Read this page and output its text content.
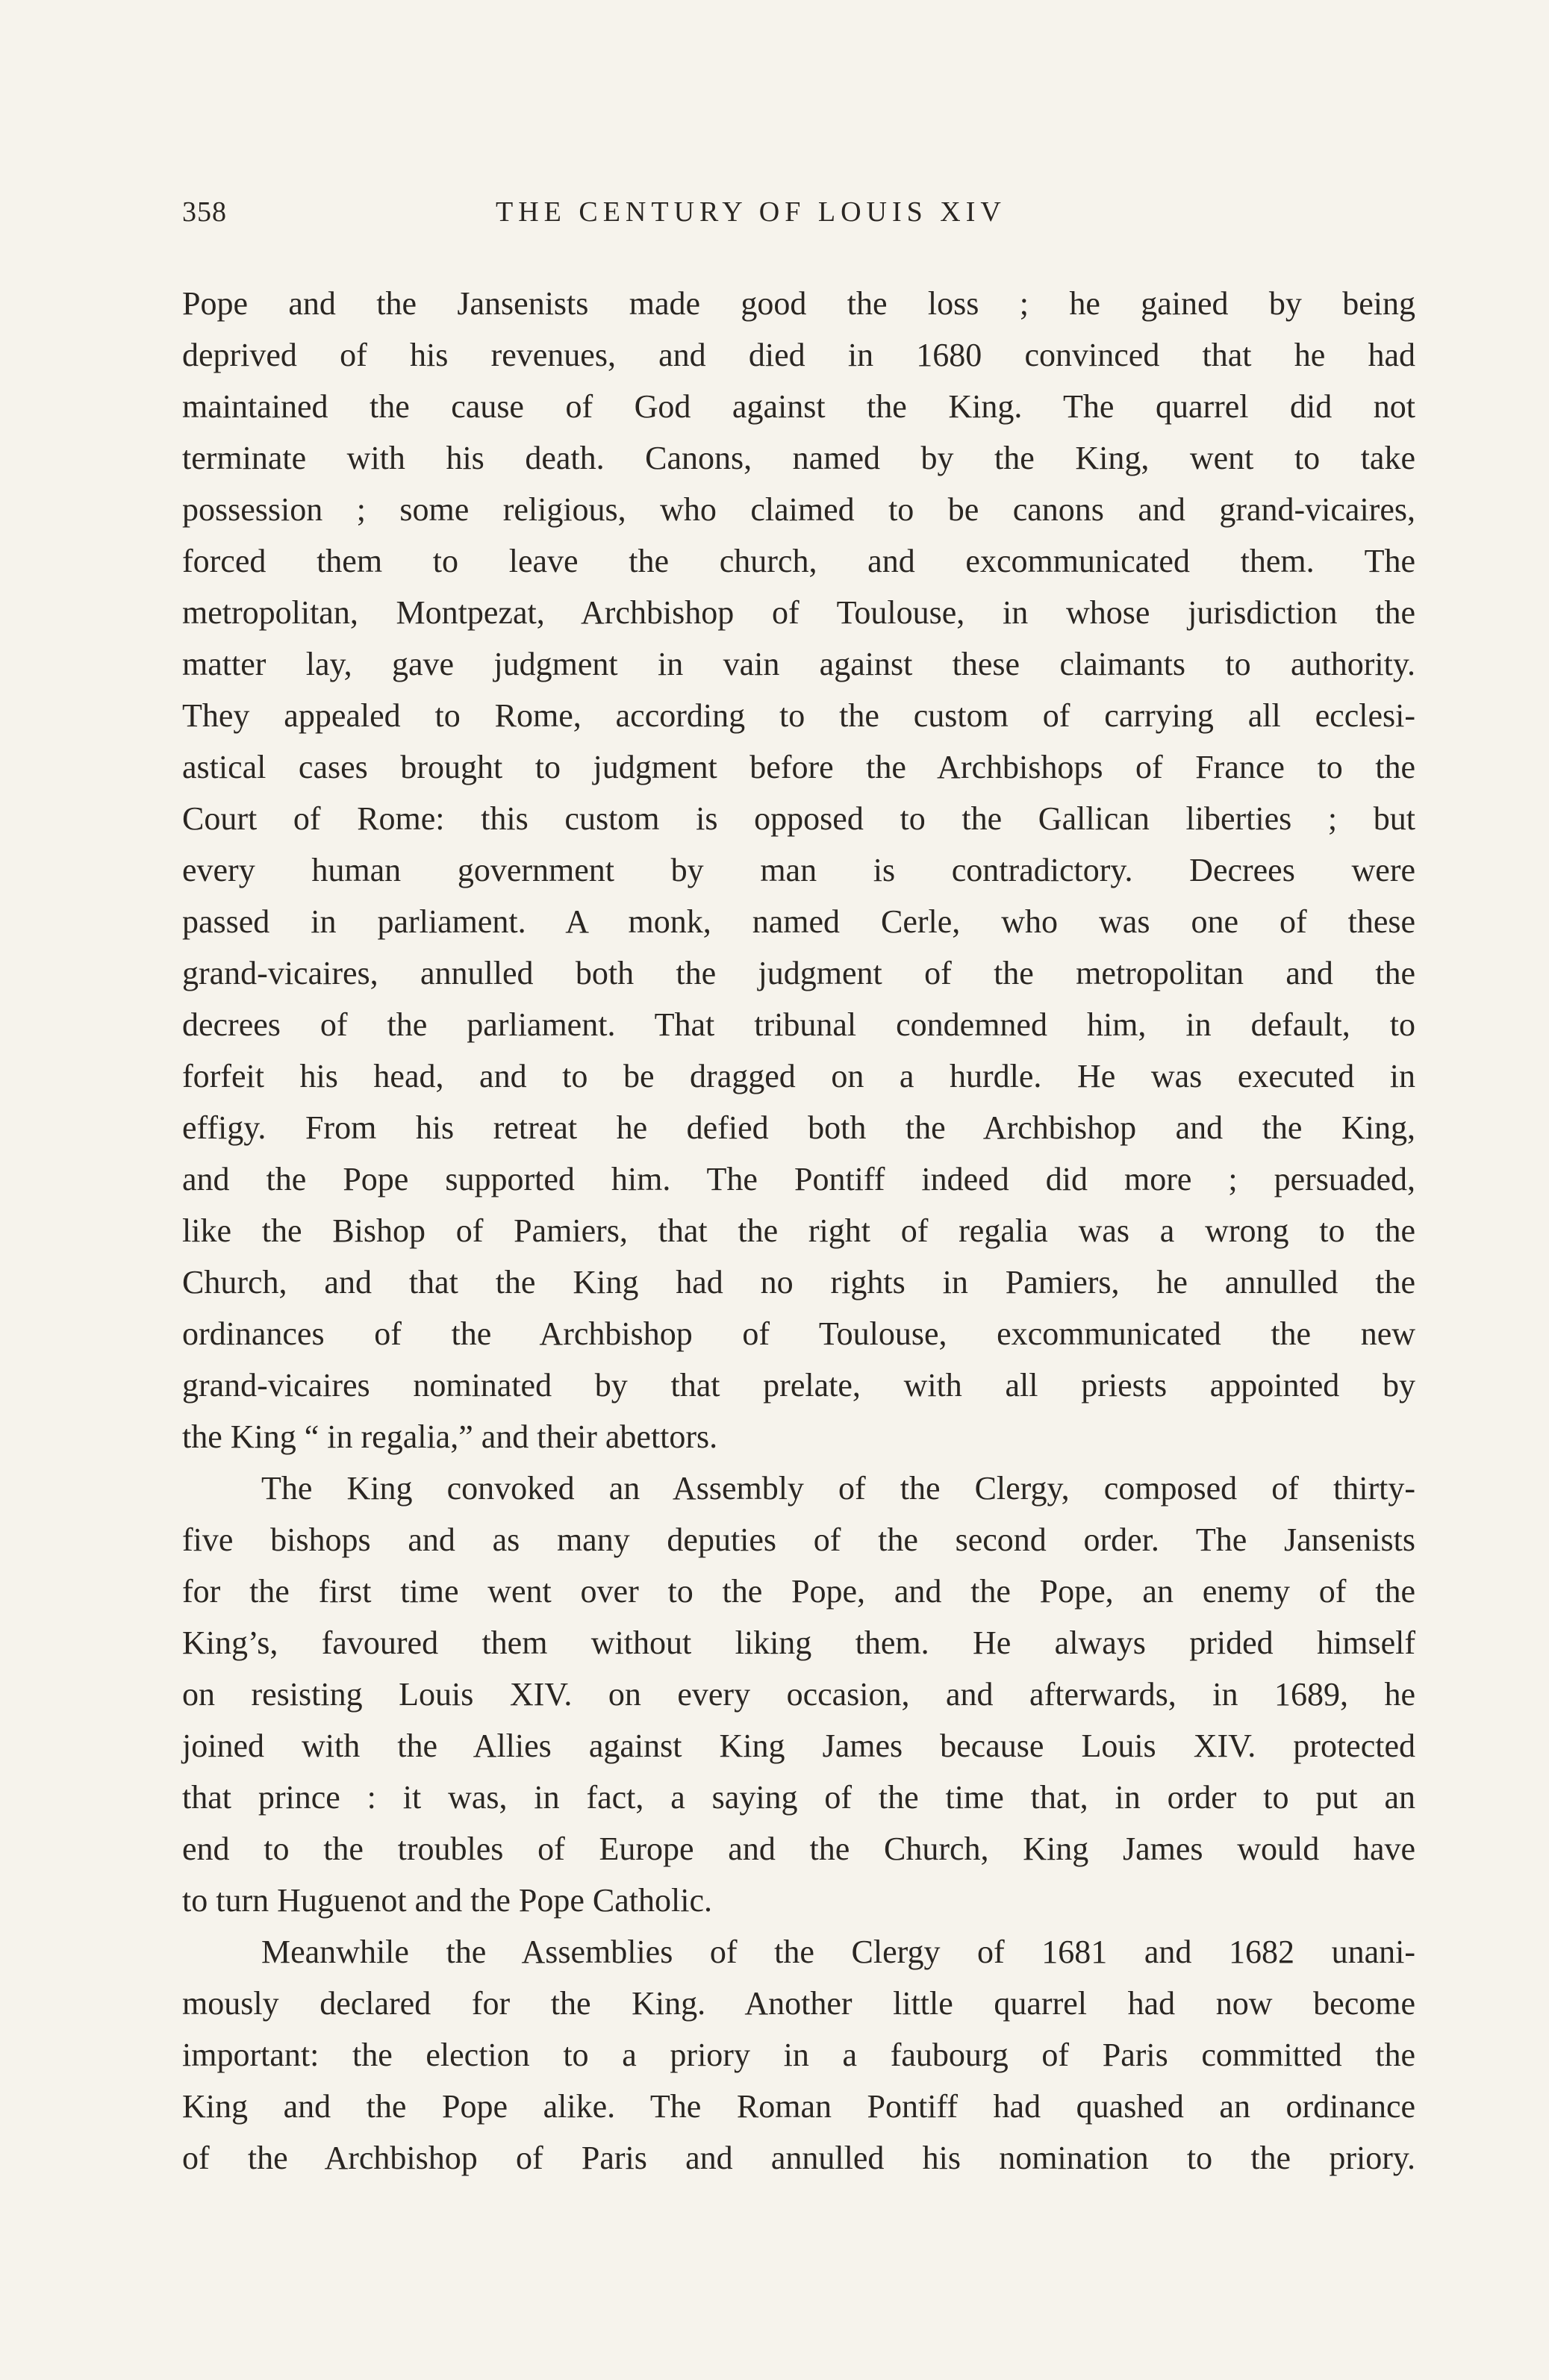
358	THE CENTURY OF LOUIS XIV
Pope and the Jansenists made good the loss ; he gained by being
deprived of his revenues, and died in 1680 convinced that he had
maintained the cause of God against the King. The quarrel did not
terminate with his death. Canons, named by the King, went to take
possession ; some religious, who claimed to be canons and grand-vicaires,
forced them to leave the church, and excommunicated them. The
metropolitan, Montpezat, Archbishop of Toulouse, in whose jurisdiction the
matter lay, gave judgment in vain against these claimants to authority.
They appealed to Rome, according to the custom of carrying all ecclesi-
astical cases brought to judgment before the Archbishops of France to the
Court of Rome: this custom is opposed to the Gallican liberties ; but
every human government by man is contradictory. Decrees were
passed in parliament. A monk, named Cerle, who was one of these
grand-vicaires, annulled both the judgment of the metropolitan and the
decrees of the parliament. That tribunal condemned him, in default, to
forfeit his head, and to be dragged on a hurdle. He was executed in
effigy. From his retreat he defied both the Archbishop and the King,
and the Pope supported him. The Pontiff indeed did more ; persuaded,
like the Bishop of Pamiers, that the right of regalia was a wrong to the
Church, and that the King had no rights in Pamiers, he annulled the
ordinances of the Archbishop of Toulouse, excommunicated the new
grand-vicaires nominated by that prelate, with all priests appointed by
the King “ in regalia,” and their abettors.
The King convoked an Assembly of the Clergy, composed of thirty-
five bishops and as many deputies of the second order. The Jansenists
for the first time went over to the Pope, and the Pope, an enemy of the
King’s, favoured them without liking them. He always prided himself
on resisting Louis XIV. on every occasion, and afterwards, in 1689, he
joined with the Allies against King James because Louis XIV. protected
that prince : it was, in fact, a saying of the time that, in order to put an
end to the troubles of Europe and the Church, King James would have
to turn Huguenot and the Pope Catholic.
Meanwhile the Assemblies of the Clergy of 1681 and 1682 unani-
mously declared for the King. Another little quarrel had now become
important: the election to a priory in a faubourg of Paris committed the
King and the Pope alike. The Roman Pontiff had quashed an ordinance
of the Archbishop of Paris and annulled his nomination to the priory.
